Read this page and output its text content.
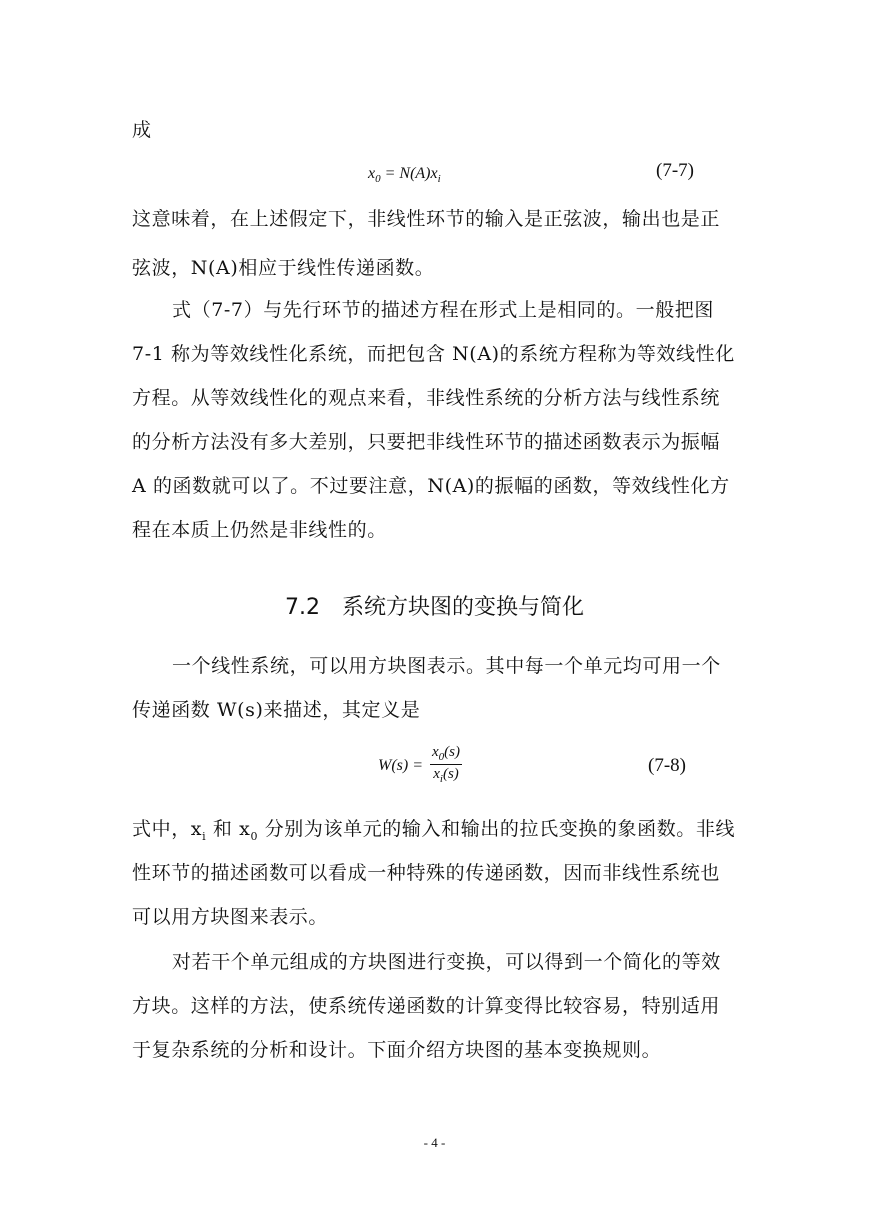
成
$x_0 = N(A)x_i$	(7-7)
这意味着，在上述假定下，非线性环节的输入是正弦波，输出也是正
弦波，N(A)相应于线性传递函数。
式（7-7）与先行环节的描述方程在形式上是相同的。一般把图
7-1 称为等效线性化系统，而把包含 N(A)的系统方程称为等效线性化
方程。从等效线性化的观点来看，非线性系统的分析方法与线性系统
的分析方法没有多大差别，只要把非线性环节的描述函数表示为振幅
A 的函数就可以了。不过要注意，N(A)的振幅的函数，等效线性化方
程在本质上仍然是非线性的。
7.2　系统方块图的变换与简化
一个线性系统，可以用方块图表示。其中每一个单元均可用一个
传递函数 W(s)来描述，其定义是
$W(s) = \frac{x_0(s)}{x_i(s)}$	(7-8)
式中，$x_i$ 和 $x_0$ 分别为该单元的输入和输出的拉氏变换的象函数。非线
性环节的描述函数可以看成一种特殊的传递函数，因而非线性系统也
可以用方块图来表示。
对若干个单元组成的方块图进行变换，可以得到一个简化的等效
方块。这样的方法，使系统传递函数的计算变得比较容易，特别适用
于复杂系统的分析和设计。下面介绍方块图的基本变换规则。
- 4 -
